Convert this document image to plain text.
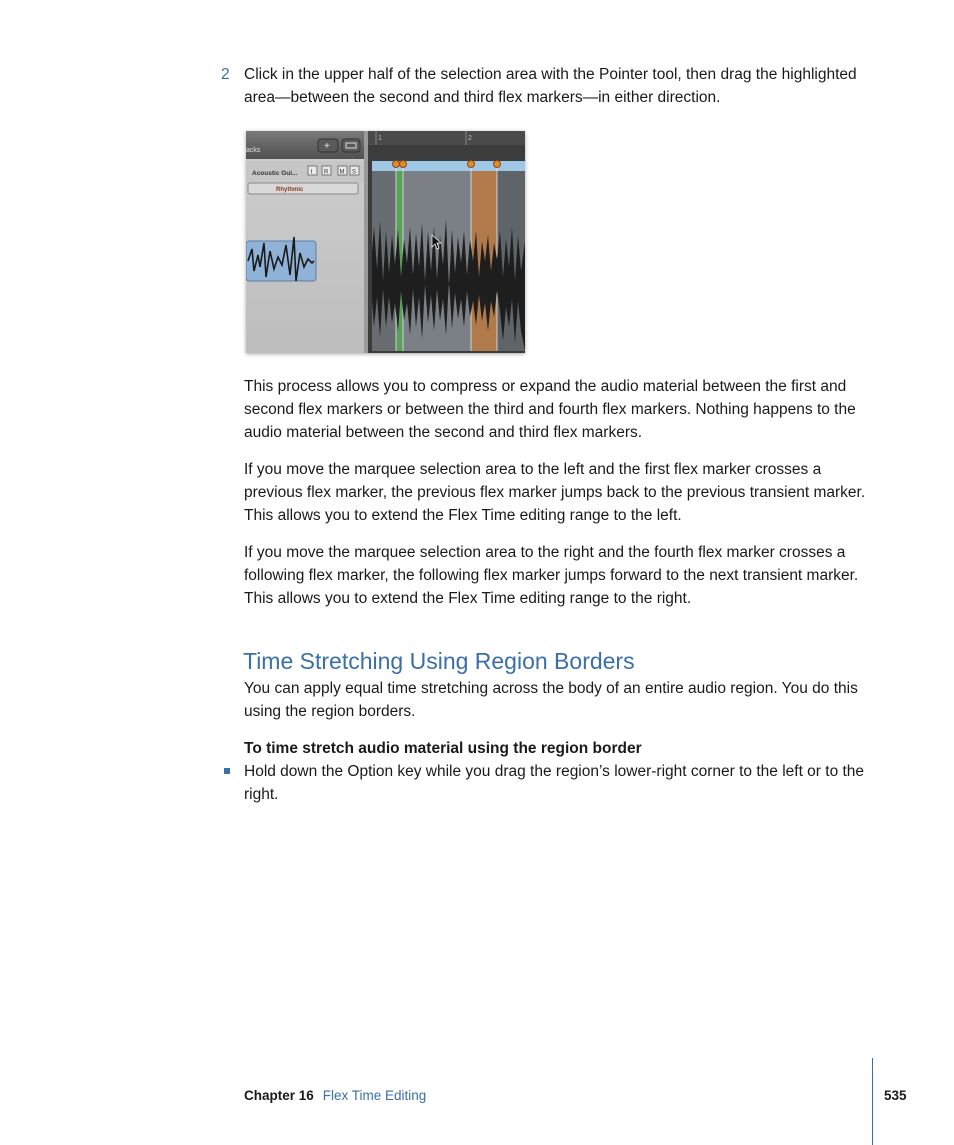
2 Click in the upper half of the selection area with the Pointer tool, then drag the highlighted area—between the second and third flex markers—in either direction.
acks	+
Acoustic Gui... I R M S
Rhythmic
1	2

This process allows you to compress or expand the audio material between the first and second flex markers or between the third and fourth flex markers. Nothing happens to the audio material between the second and third flex markers.

If you move the marquee selection area to the left and the first flex marker crosses a previous flex marker, the previous flex marker jumps back to the previous transient marker. This allows you to extend the Flex Time editing range to the left.

If you move the marquee selection area to the right and the fourth flex marker crosses a following flex marker, the following flex marker jumps forward to the next transient marker. This allows you to extend the Flex Time editing range to the right.

Time Stretching Using Region Borders

You can apply equal time stretching across the body of an entire audio region. You do this using the region borders.

To time stretch audio material using the region border

Hold down the Option key while you drag the region’s lower-right corner to the left or to the right.
Chapter 16 Flex Time Editing	535
